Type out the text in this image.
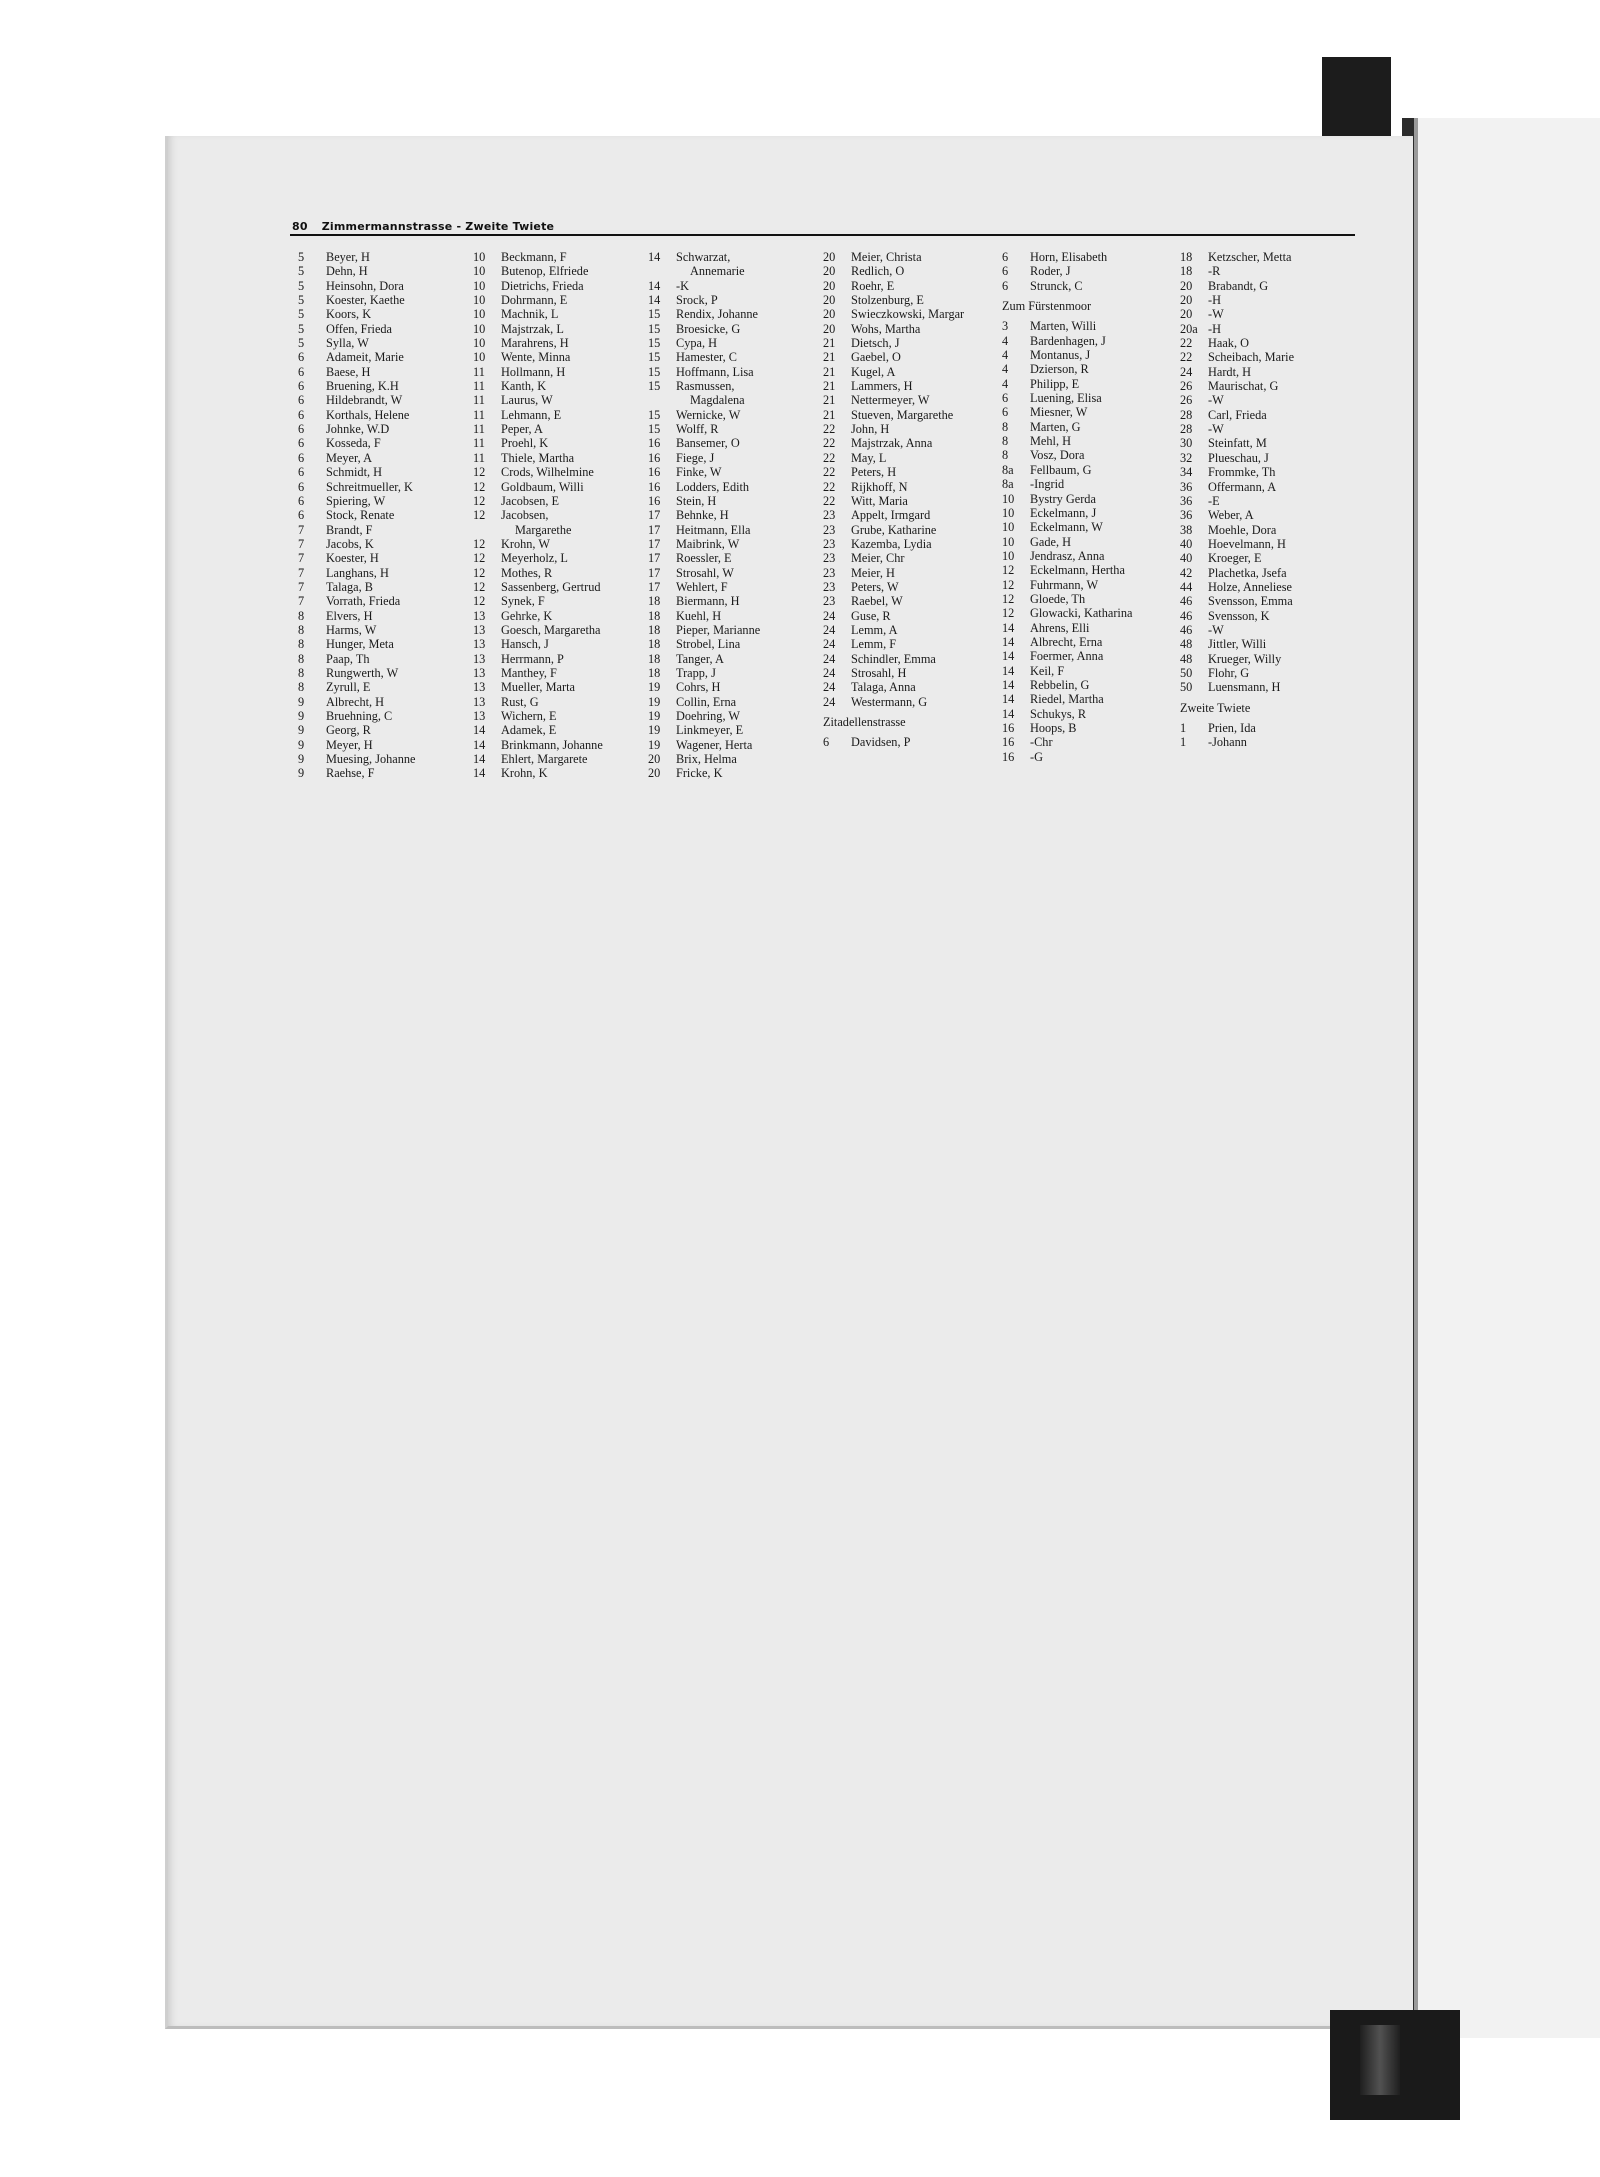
80 Zimmermannstrasse - Zweite Twiete
5	Beyer, H
5	Dehn, H
5	Heinsohn, Dora
5	Koester, Kaethe
5	Koors, K
5	Offen, Frieda
5	Sylla, W
6	Adameit, Marie
6	Baese, H
6	Bruening, K.H
6	Hildebrandt, W
6	Korthals, Helene
6	Johnke, W.D
6	Kosseda, F
6	Meyer, A
6	Schmidt, H
6	Schreitmueller, K
6	Spiering, W
6	Stock, Renate
7	Brandt, F
7	Jacobs, K
7	Koester, H
7	Langhans, H
7	Talaga, B
7	Vorrath, Frieda
8	Elvers, H
8	Harms, W
8	Hunger, Meta
8	Paap, Th
8	Rungwerth, W
8	Zyrull, E
9	Albrecht, H
9	Bruehning, C
9	Georg, R
9	Meyer, H
9	Muesing, Johanne
9	Raehse, F
10	Beckmann, F
10	Butenop, Elfriede
10	Dietrichs, Frieda
10	Dohrmann, E
10	Machnik, L
10	Majstrzak, L
10	Marahrens, H
10	Wente, Minna
11	Hollmann, H
11	Kanth, K
11	Laurus, W
11	Lehmann, E
11	Peper, A
11	Proehl, K
11	Thiele, Martha
12	Crods, Wilhelmine
12	Goldbaum, Willi
12	Jacobsen, E
12	Jacobsen,
Margarethe
12	Krohn, W
12	Meyerholz, L
12	Mothes, R
12	Sassenberg, Gertrud
12	Synek, F
13	Gehrke, K
13	Goesch, Margaretha
13	Hansch, J
13	Herrmann, P
13	Manthey, F
13	Mueller, Marta
13	Rust, G
13	Wichern, E
14	Adamek, E
14	Brinkmann, Johanne
14	Ehlert, Margarete
14	Krohn, K
14	Schwarzat,
Annemarie
14	-K
14	Srock, P
15	Rendix, Johanne
15	Broesicke, G
15	Cypa, H
15	Hamester, C
15	Hoffmann, Lisa
15	Rasmussen,
Magdalena
15	Wernicke, W
15	Wolff, R
16	Bansemer, O
16	Fiege, J
16	Finke, W
16	Lodders, Edith
16	Stein, H
17	Behnke, H
17	Heitmann, Ella
17	Maibrink, W
17	Roessler, E
17	Strosahl, W
17	Wehlert, F
18	Biermann, H
18	Kuehl, H
18	Pieper, Marianne
18	Strobel, Lina
18	Tanger, A
18	Trapp, J
19	Cohrs, H
19	Collin, Erna
19	Doehring, W
19	Linkmeyer, E
19	Wagener, Herta
20	Brix, Helma
20	Fricke, K
20	Meier, Christa
20	Redlich, O
20	Roehr, E
20	Stolzenburg, E
20	Swieczkowski, Margar
20	Wohs, Martha
21	Dietsch, J
21	Gaebel, O
21	Kugel, A
21	Lammers, H
21	Nettermeyer, W
21	Stueven, Margarethe
22	John, H
22	Majstrzak, Anna
22	May, L
22	Peters, H
22	Rijkhoff, N
22	Witt, Maria
23	Appelt, Irmgard
23	Grube, Katharine
23	Kazemba, Lydia
23	Meier, Chr
23	Meier, H
23	Peters, W
23	Raebel, W
24	Guse, R
24	Lemm, A
24	Lemm, F
24	Schindler, Emma
24	Strosahl, H
24	Talaga, Anna
24	Westermann, G
Zitadellenstrasse
6	Davidsen, P
6	Horn, Elisabeth
6	Roder, J
6	Strunck, C
Zum Fürstenmoor
3	Marten, Willi
4	Bardenhagen, J
4	Montanus, J
4	Dzierson, R
4	Philipp, E
6	Luening, Elisa
6	Miesner, W
8	Marten, G
8	Mehl, H
8	Vosz, Dora
8a	Fellbaum, G
8a	-Ingrid
10	Bystry Gerda
10	Eckelmann, J
10	Eckelmann, W
10	Gade, H
10	Jendrasz, Anna
12	Eckelmann, Hertha
12	Fuhrmann, W
12	Gloede, Th
12	Glowacki, Katharina
14	Ahrens, Elli
14	Albrecht, Erna
14	Foermer, Anna
14	Keil, F
14	Rebbelin, G
14	Riedel, Martha
14	Schukys, R
16	Hoops, B
16	-Chr
16	-G
18	Ketzscher, Metta
18	-R
20	Brabandt, G
20	-H
20	-W
20a -H
22	Haak, O
22	Scheibach, Marie
24	Hardt, H
26	Maurischat, G
26	-W
28	Carl, Frieda
28	-W
30	Steinfatt, M
32	Plueschau, J
34	Frommke, Th
36	Offermann, A
36	-E
36	Weber, A
38	Moehle, Dora
40	Hoevelmann, H
40	Kroeger, E
42	Plachetka, Jsefa
44	Holze, Anneliese
46	Svensson, Emma
46	Svensson, K
46	-W
48	Jittler, Willi
48	Krueger, Willy
50	Flohr, G
50	Luensmann, H
Zweite Twiete
1	Prien, Ida
1	-Johann
